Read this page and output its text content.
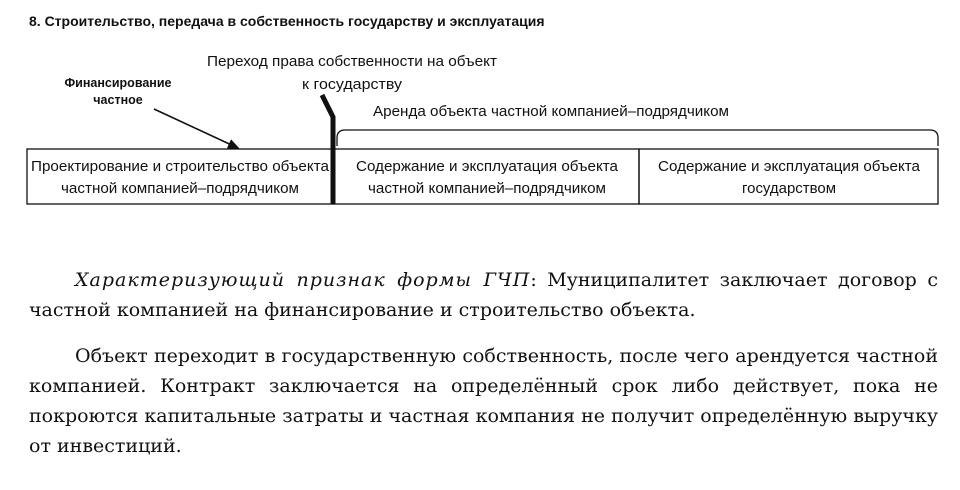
8. Строительство, передача в собственность государству и эксплуатация
Финансирование
частное
Переход права собственности на объект
к государству
Аренда объекта частной компанией–подрядчиком
Проектирование и строительство объекта
частной компанией–подрядчиком
Содержание и эксплуатация объекта
частной компанией–подрядчиком
Содержание и эксплуатация объекта
государством

Характеризующий признак формы ГЧП: Муниципалитет заключает договор с частной компанией на финансирование и строительство объекта.

Объект переходит в государственную собственность, после чего арендуется частной компанией. Контракт заключается на определённый срок либо действует, пока не покроются капитальные затраты и частная компания не получит определённую выручку от инвестиций.
